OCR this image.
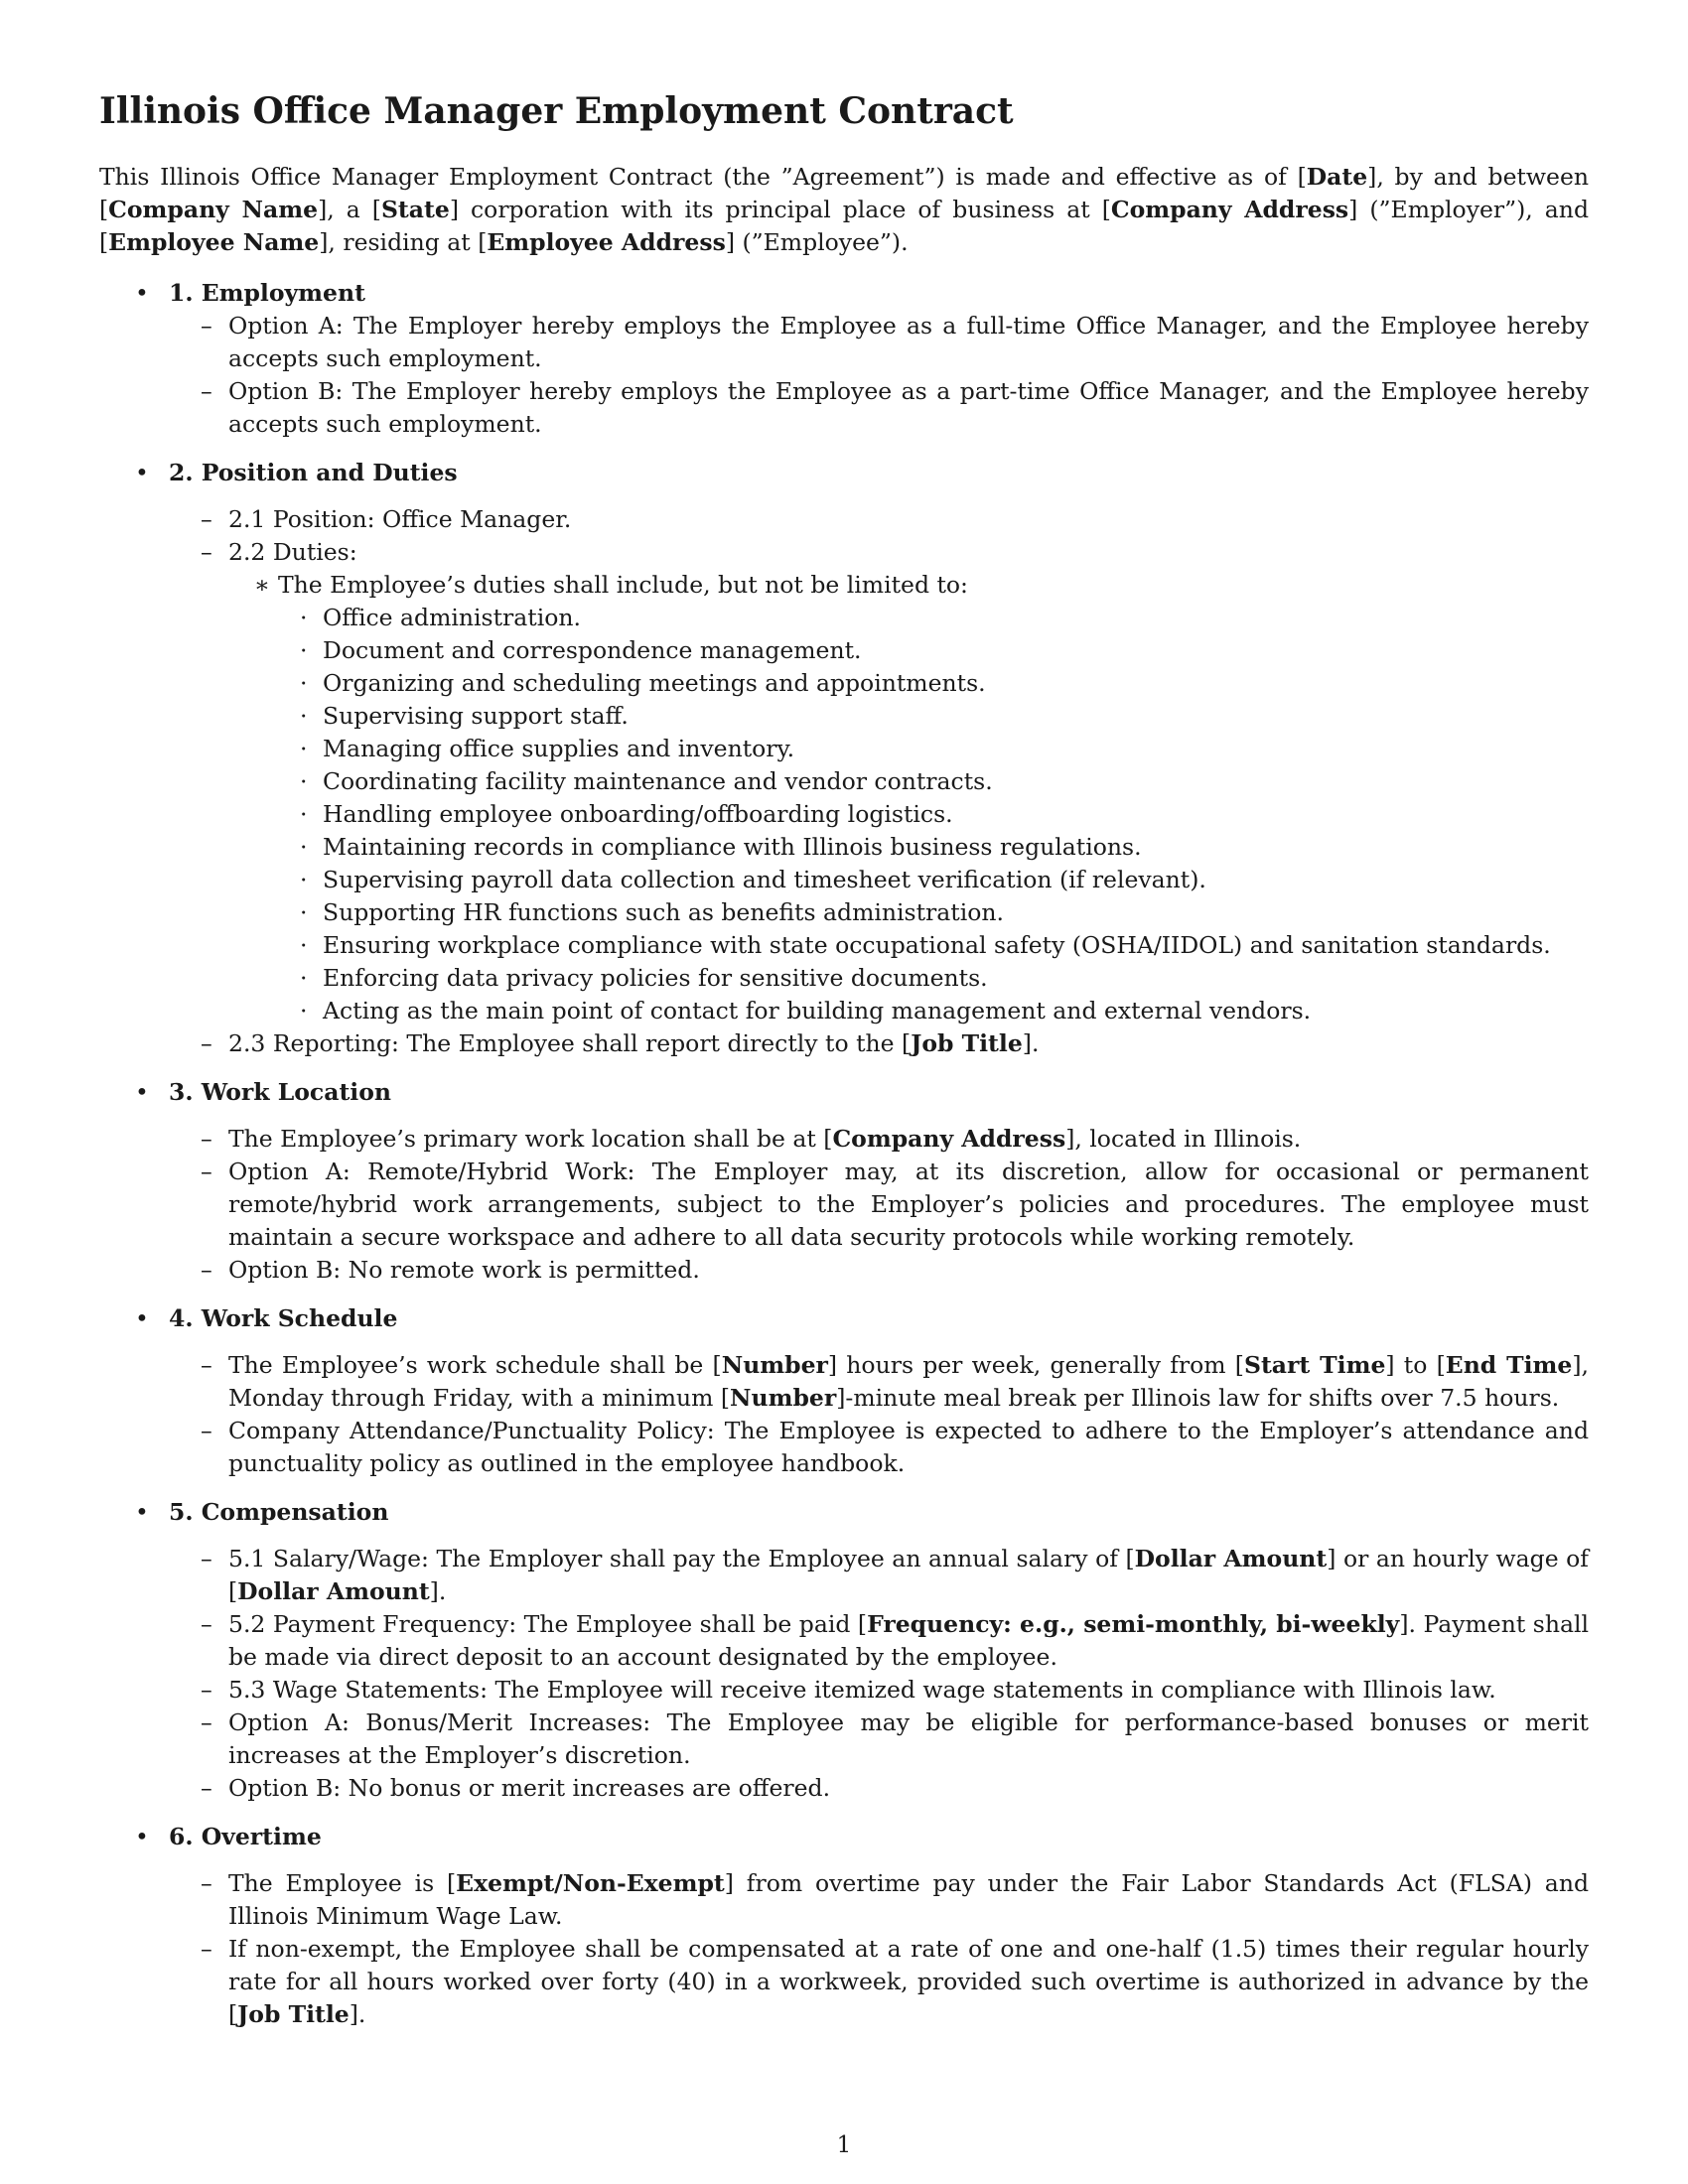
Illinois Office Manager Employment Contract

This Illinois Office Manager Employment Contract (the ”Agreement”) is made and effective as of [Date], by and between [Company Name], a [State] corporation with its principal place of business at [Company Address] (”Employer”), and [Employee Name], residing at [Employee Address] (”Employee”).

• 1. Employment
– Option A: The Employer hereby employs the Employee as a full-time Office Manager, and the Employee hereby accepts such employment.
– Option B: The Employer hereby employs the Employee as a part-time Office Manager, and the Employee hereby accepts such employment.
• 2. Position and Duties
– 2.1 Position: Office Manager.
– 2.2 Duties:
∗ The Employee’s duties shall include, but not be limited to:
· Office administration.
· Document and correspondence management.
· Organizing and scheduling meetings and appointments.
· Supervising support staff.
· Managing office supplies and inventory.
· Coordinating facility maintenance and vendor contracts.
· Handling employee onboarding/offboarding logistics.
· Maintaining records in compliance with Illinois business regulations.
· Supervising payroll data collection and timesheet verification (if relevant).
· Supporting HR functions such as benefits administration.
· Ensuring workplace compliance with state occupational safety (OSHA/IIDOL) and sanitation standards.
· Enforcing data privacy policies for sensitive documents.
· Acting as the main point of contact for building management and external vendors.
– 2.3 Reporting: The Employee shall report directly to the [Job Title].
• 3. Work Location
– The Employee’s primary work location shall be at [Company Address], located in Illinois.
– Option A: Remote/Hybrid Work: The Employer may, at its discretion, allow for occasional or permanent remote/hybrid work arrangements, subject to the Employer’s policies and procedures. The employee must maintain a secure workspace and adhere to all data security protocols while working remotely.
– Option B: No remote work is permitted.
• 4. Work Schedule
– The Employee’s work schedule shall be [Number] hours per week, generally from [Start Time] to [End Time], Monday through Friday, with a minimum [Number]-minute meal break per Illinois law for shifts over 7.5 hours.
– Company Attendance/Punctuality Policy: The Employee is expected to adhere to the Employer’s attendance and punctuality policy as outlined in the employee handbook.
• 5. Compensation
– 5.1 Salary/Wage: The Employer shall pay the Employee an annual salary of [Dollar Amount] or an hourly wage of [Dollar Amount].
– 5.2 Payment Frequency: The Employee shall be paid [Frequency: e.g., semi-monthly, bi-weekly]. Payment shall be made via direct deposit to an account designated by the employee.
– 5.3 Wage Statements: The Employee will receive itemized wage statements in compliance with Illinois law.
– Option A: Bonus/Merit Increases: The Employee may be eligible for performance-based bonuses or merit increases at the Employer’s discretion.
– Option B: No bonus or merit increases are offered.
• 6. Overtime
– The Employee is [Exempt/Non-Exempt] from overtime pay under the Fair Labor Standards Act (FLSA) and Illinois Minimum Wage Law.
– If non-exempt, the Employee shall be compensated at a rate of one and one-half (1.5) times their regular hourly rate for all hours worked over forty (40) in a workweek, provided such overtime is authorized in advance by the [Job Title].
1
